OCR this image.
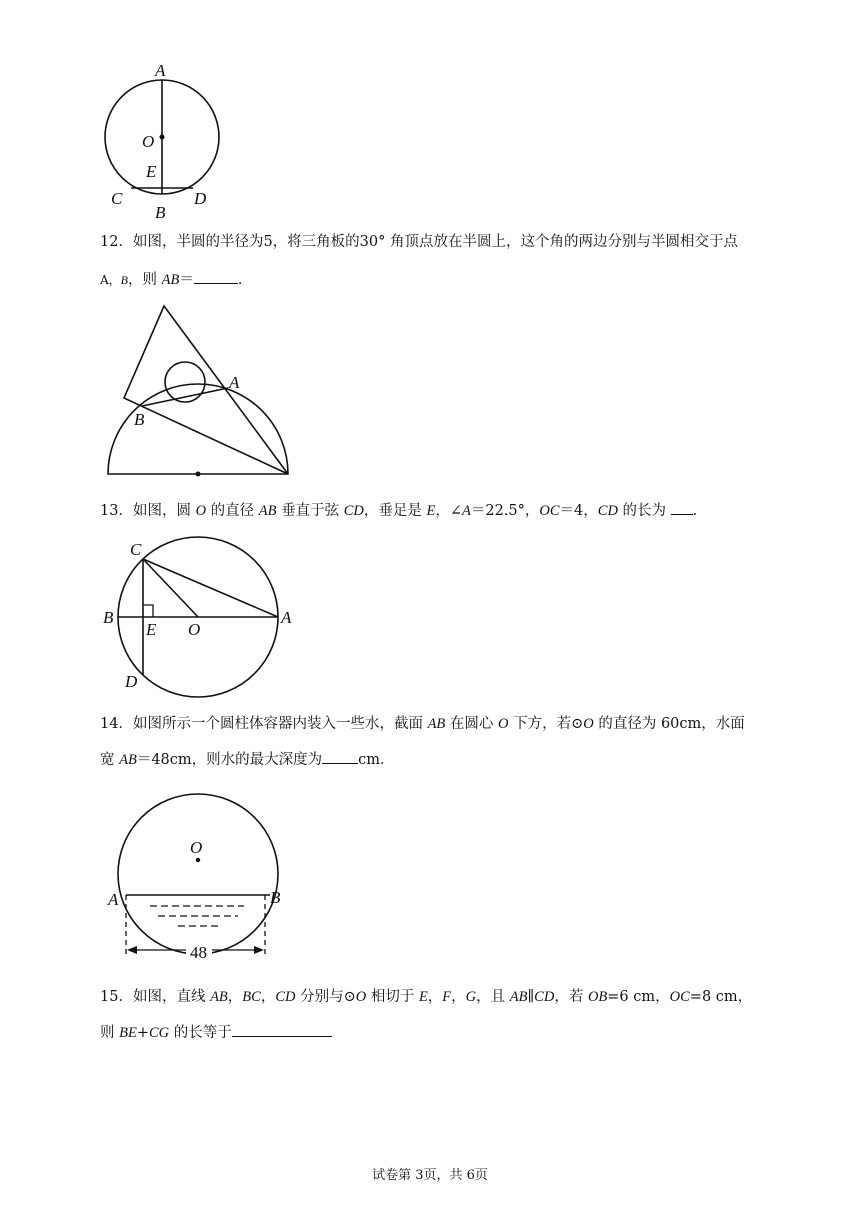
A
O
E
C	D
B
12．如图，半圆的半径为5，将三角板的30° 角顶点放在半圆上，这个角的两边分别与半圆相交于点
A，B，则 AB＝	．
A
B
13．如图，圆 O 的直径 AB 垂直于弦 CD，垂足是 E，∠A＝22.5°，OC＝4，CD 的长为 ．
C
B
E O
A
D
14．如图所示一个圆柱体容器内装入一些水，截面 AB 在圆心 O 下方，若⊙O 的直径为 60cm，水面
宽 AB＝48cm，则水的最大深度为 cm．
O
A	B
48
15．如图，直线 AB，BC，CD 分别与⊙O 相切于 E，F，G，且 AB∥CD，若 OB=6 cm，OC=8 cm，
则 BE+CG 的长等于
试卷第 3页，共 6页
